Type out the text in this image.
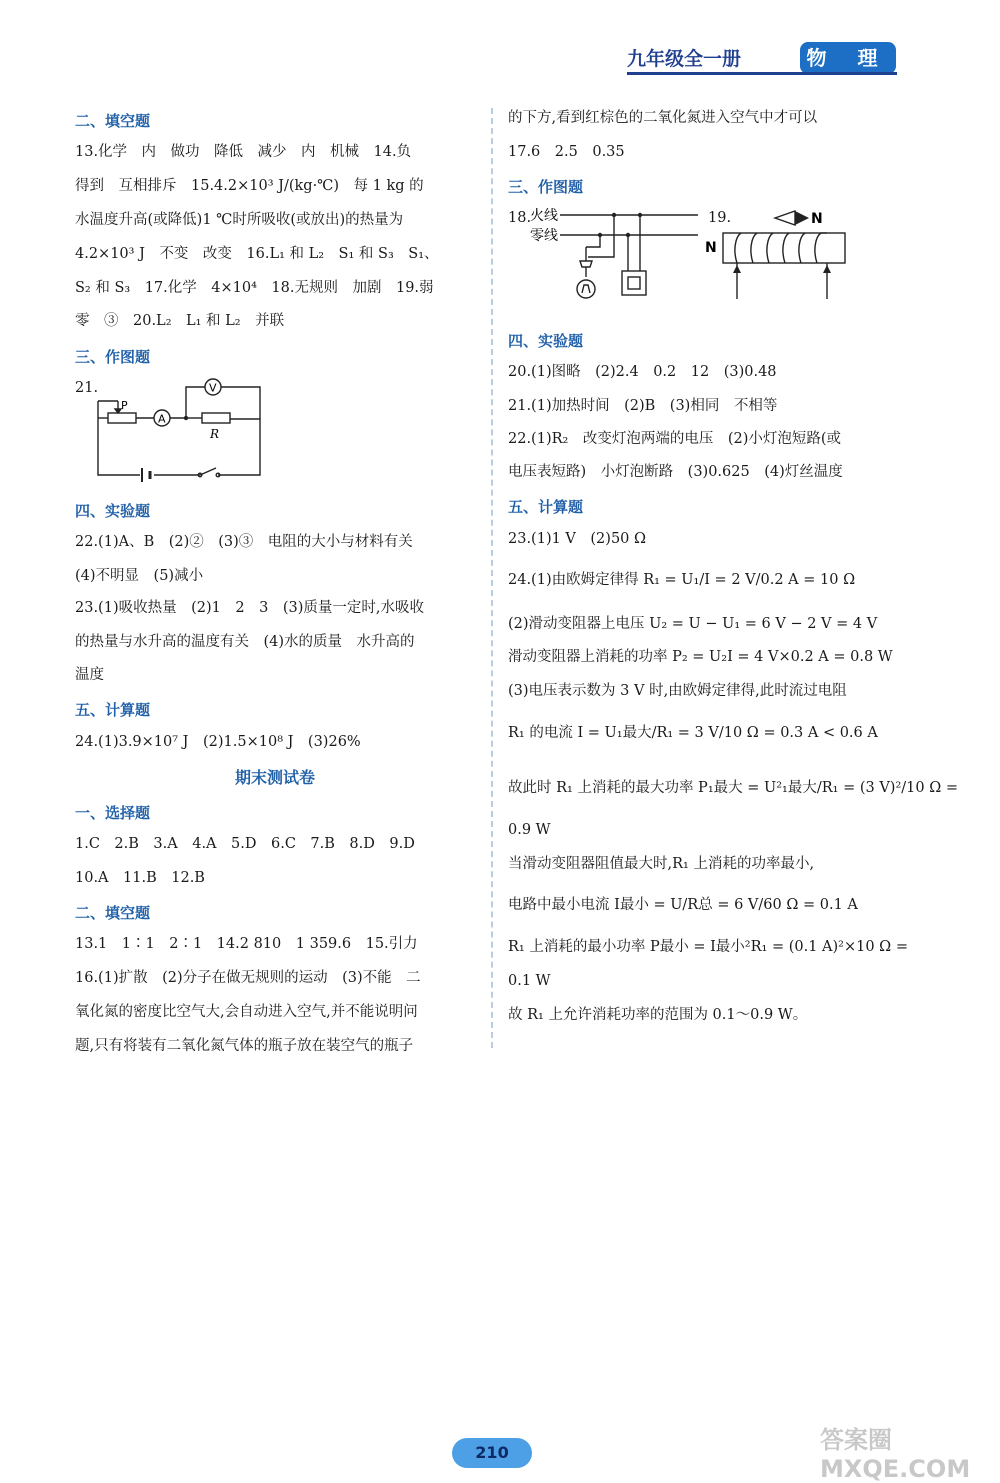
九年级全一册	物 理
二、填空题
13.化学　内　做功　降低　减少　内　机械　14.负
得到　互相排斥　15.4.2×10³ J/(kg·℃)　每 1 kg 的
水温度升高(或降低)1 ℃时所吸收(或放出)的热量为
4.2×10³ J　不变　改变　16.L₁ 和 L₂　S₁ 和 S₃　S₁、
S₂ 和 S₃　17.化学　4×10⁴　18.无规则　加剧　19.弱
零　③　20.L₂　L₁ 和 L₂　并联
三、作图题
21.	V
A
P
R
四、实验题
22.(1)A、B　(2)②　(3)③　电阻的大小与材料有关
(4)不明显　(5)减小
23.(1)吸收热量　(2)1　2　3　(3)质量一定时,水吸收
的热量与水升高的温度有关　(4)水的质量　水升高的
温度
五、计算题
24.(1)3.9×10⁷ J　(2)1.5×10⁸ J　(3)26%
期末测试卷
一、选择题
1.C　2.B　3.A　4.A　5.D　6.C　7.B　8.D　9.D
10.A　11.B　12.B
二、填空题
13.1　1∶1　2∶1　14.2 810　1 359.6　15.引力
16.(1)扩散　(2)分子在做无规则的运动　(3)不能　二
氧化氮的密度比空气大,会自动进入空气,并不能说明问
题,只有将装有二氧化氮气体的瓶子放在装空气的瓶子
的下方,看到红棕色的二氧化氮进入空气中才可以
17.6　2.5　0.35
三、作图题
18.
火线
零线
19.	N
N
四、实验题
20.(1)图略　(2)2.4　0.2　12　(3)0.48
21.(1)加热时间　(2)B　(3)相同　不相等
22.(1)R₂　改变灯泡两端的电压　(2)小灯泡短路(或
电压表短路)　小灯泡断路　(3)0.625　(4)灯丝温度
五、计算题
23.(1)1 V　(2)50 Ω
24.(1)由欧姆定律得 R₁ = U₁/I = 2 V/0.2 A = 10 Ω
(2)滑动变阻器上电压 U₂ = U − U₁ = 6 V − 2 V = 4 V
滑动变阻器上消耗的功率 P₂ = U₂I = 4 V×0.2 A = 0.8 W
(3)电压表示数为 3 V 时,由欧姆定律得,此时流过电阻
R₁ 的电流 I = U₁最大/R₁ = 3 V/10 Ω = 0.3 A < 0.6 A
故此时 R₁ 上消耗的最大功率 P₁最大 = U²₁最大/R₁ = (3 V)²/10 Ω =
0.9 W
当滑动变阻器阻值最大时,R₁ 上消耗的功率最小,
电路中最小电流 I最小 = U/R总 = 6 V/60 Ω = 0.1 A
R₁ 上消耗的最小功率 P最小 = I最小²R₁ = (0.1 A)²×10 Ω =
0.1 W
故 R₁ 上允许消耗功率的范围为 0.1～0.9 W。
210	答案圈 MXQE.COM
